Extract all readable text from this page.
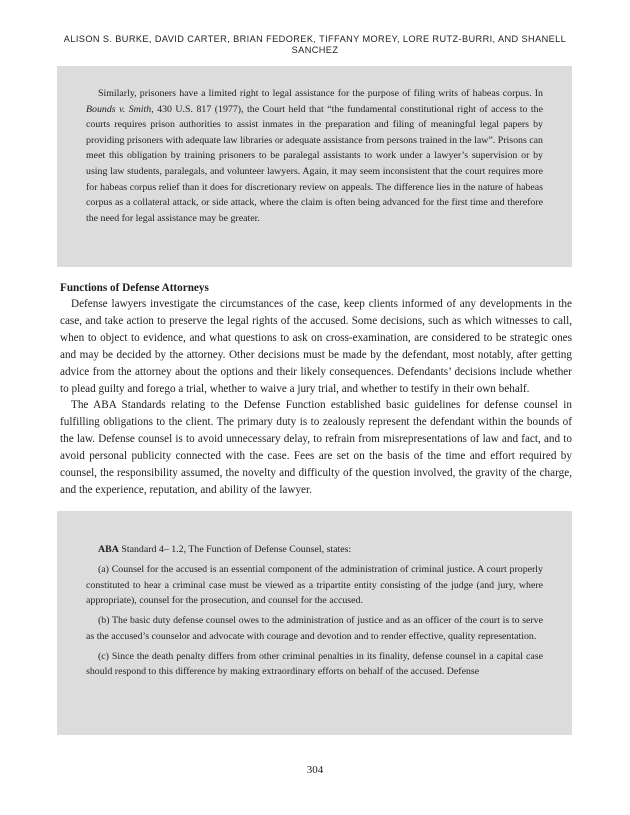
ALISON S. BURKE, DAVID CARTER, BRIAN FEDOREK, TIFFANY MOREY, LORE RUTZ-BURRI, AND SHANELL SANCHEZ

Similarly, prisoners have a limited right to legal assistance for the purpose of filing writs of habeas corpus. In Bounds v. Smith, 430 U.S. 817 (1977), the Court held that “the fundamental constitutional right of access to the courts requires prison authorities to assist inmates in the preparation and filing of meaningful legal papers by providing prisoners with adequate law libraries or adequate assistance from persons trained in the law”. Prisons can meet this obligation by training prisoners to be paralegal assistants to work under a lawyer’s supervision or by using law students, paralegals, and volunteer lawyers. Again, it may seem inconsistent that the court requires more for habeas corpus relief than it does for discretionary review on appeals. The difference lies in the nature of habeas corpus as a collateral attack, or side attack, where the claim is often being advanced for the first time and therefore the need for legal assistance may be greater.

Functions of Defense Attorneys

Defense lawyers investigate the circumstances of the case, keep clients informed of any developments in the case, and take action to preserve the legal rights of the accused. Some decisions, such as which witnesses to call, when to object to evidence, and what questions to ask on cross-examination, are considered to be strategic ones and may be decided by the attorney. Other decisions must be made by the defendant, most notably, after getting advice from the attorney about the options and their likely consequences. Defendants’ decisions include whether to plead guilty and forego a trial, whether to waive a jury trial, and whether to testify in their own behalf.

The ABA Standards relating to the Defense Function established basic guidelines for defense counsel in fulfilling obligations to the client. The primary duty is to zealously represent the defendant within the bounds of the law. Defense counsel is to avoid unnecessary delay, to refrain from misrepresentations of law and fact, and to avoid personal publicity connected with the case. Fees are set on the basis of the time and effort required by counsel, the responsibility assumed, the novelty and difficulty of the question involved, the gravity of the charge, and the experience, reputation, and ability of the lawyer.

ABA Standard 4– 1.2, The Function of Defense Counsel, states:

(a) Counsel for the accused is an essential component of the administration of criminal justice. A court properly constituted to hear a criminal case must be viewed as a tripartite entity consisting of the judge (and jury, where appropriate), counsel for the prosecution, and counsel for the accused.

(b) The basic duty defense counsel owes to the administration of justice and as an officer of the court is to serve as the accused’s counselor and advocate with courage and devotion and to render effective, quality representation.

(c) Since the death penalty differs from other criminal penalties in its finality, defense counsel in a capital case should respond to this difference by making extraordinary efforts on behalf of the accused. Defense

304
